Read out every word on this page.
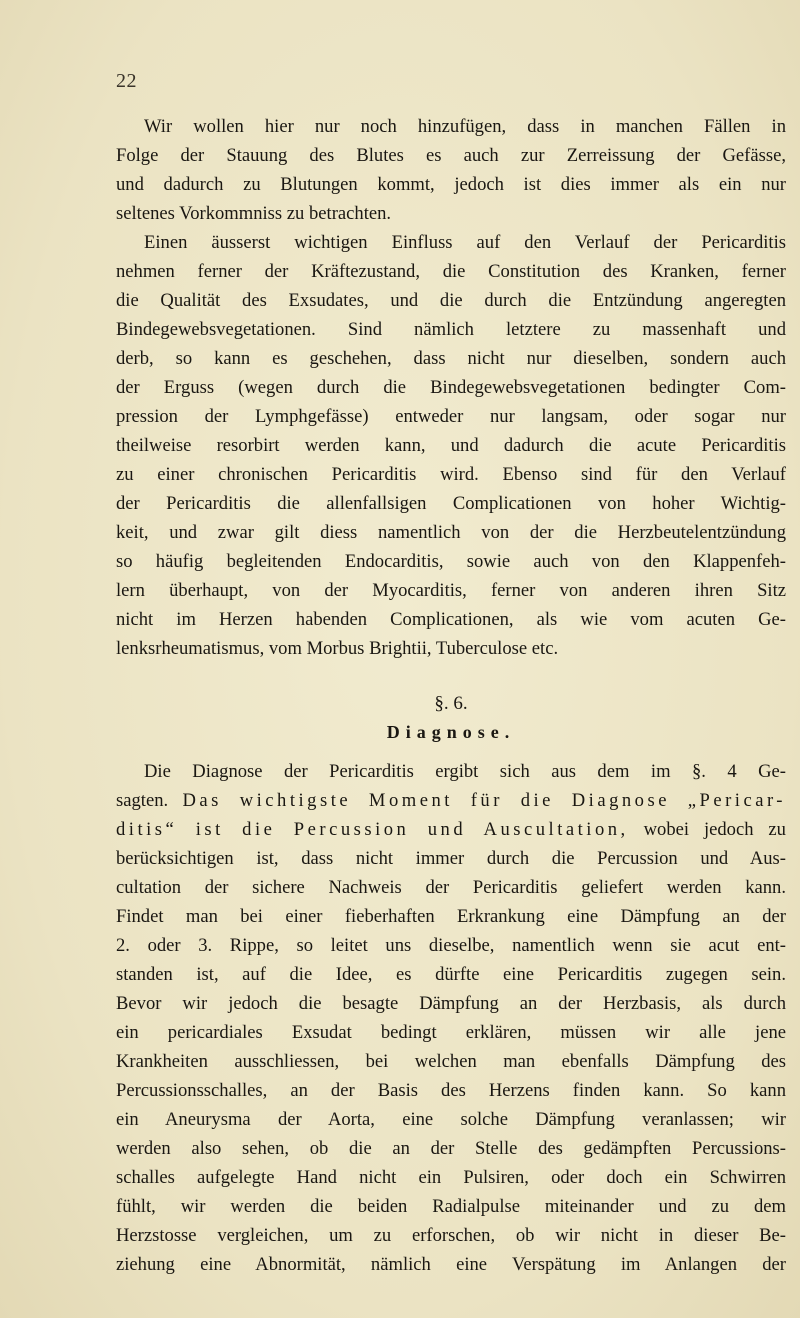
22
Wir wollen hier nur noch hinzufügen, dass in manchen Fällen in
Folge der Stauung des Blutes es auch zur Zerreissung der Gefässe,
und dadurch zu Blutungen kommt, jedoch ist dies immer als ein nur
seltenes Vorkommniss zu betrachten.
Einen äusserst wichtigen Einfluss auf den Verlauf der Pericarditis
nehmen ferner der Kräftezustand, die Constitution des Kranken, ferner
die Qualität des Exsudates, und die durch die Entzündung angeregten
Bindegewebsvegetationen. Sind nämlich letztere zu massenhaft und
derb, so kann es geschehen, dass nicht nur dieselben, sondern auch
der Erguss (wegen durch die Bindegewebsvegetationen bedingter Com-
pression der Lymphgefässe) entweder nur langsam, oder sogar nur
theilweise resorbirt werden kann, und dadurch die acute Pericarditis
zu einer chronischen Pericarditis wird. Ebenso sind für den Verlauf
der Pericarditis die allenfallsigen Complicationen von hoher Wichtig-
keit, und zwar gilt diess namentlich von der die Herzbeutelentzündung
so häufig begleitenden Endocarditis, sowie auch von den Klappenfeh-
lern überhaupt, von der Myocarditis, ferner von anderen ihren Sitz
nicht im Herzen habenden Complicationen, als wie vom acuten Ge-
lenksrheumatismus, vom Morbus Brightii, Tuberculose etc.
§. 6.
Diagnose.
Die Diagnose der Pericarditis ergibt sich aus dem im §. 4 Ge-
sagten. Das wichtigste Moment für die Diagnose „Pericar-
ditis“ ist die Percussion und Auscultation, wobei jedoch zu
berücksichtigen ist, dass nicht immer durch die Percussion und Aus-
cultation der sichere Nachweis der Pericarditis geliefert werden kann.
Findet man bei einer fieberhaften Erkrankung eine Dämpfung an der
2. oder 3. Rippe, so leitet uns dieselbe, namentlich wenn sie acut ent-
standen ist, auf die Idee, es dürfte eine Pericarditis zugegen sein.
Bevor wir jedoch die besagte Dämpfung an der Herzbasis, als durch
ein pericardiales Exsudat bedingt erklären, müssen wir alle jene
Krankheiten ausschliessen, bei welchen man ebenfalls Dämpfung des
Percussionsschalles, an der Basis des Herzens finden kann. So kann
ein Aneurysma der Aorta, eine solche Dämpfung veranlassen; wir
werden also sehen, ob die an der Stelle des gedämpften Percussions-
schalles aufgelegte Hand nicht ein Pulsiren, oder doch ein Schwirren
fühlt, wir werden die beiden Radialpulse miteinander und zu dem
Herzstosse vergleichen, um zu erforschen, ob wir nicht in dieser Be-
ziehung eine Abnormität, nämlich eine Verspätung im Anlangen der
